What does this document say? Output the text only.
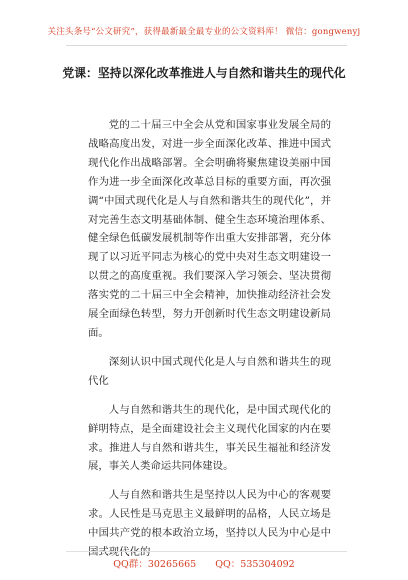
关注头条号“公文研究”，获得最新最全最专业的公文资料库！ 微信：gongwenyj
党课：坚持以深化改革推进人与自然和谐共生的现代化

党的二十届三中全会从党和国家事业发展全局的战略高度出发，对进一步全面深化改革、推进中国式现代化作出战略部署。全会明确将聚焦建设美丽中国作为进一步全面深化改革总目标的重要方面，再次强调“中国式现代化是人与自然和谐共生的现代化”，并对完善生态文明基础体制、健全生态环境治理体系、健全绿色低碳发展机制等作出重大安排部署，充分体现了以习近平同志为核心的党中央对生态文明建设一以贯之的高度重视。我们要深入学习领会、坚决贯彻落实党的二十届三中全会精神，加快推动经济社会发展全面绿色转型，努力开创新时代生态文明建设新局面。

深刻认识中国式现代化是人与自然和谐共生的现代化

人与自然和谐共生的现代化，是中国式现代化的鲜明特点，是全面建设社会主义现代化国家的内在要求。推进人与自然和谐共生，事关民生福祉和经济发展，事关人类命运共同体建设。

人与自然和谐共生是坚持以人民为中心的客观要求。人民性是马克思主义最鲜明的品格，人民立场是中国共产党的根本政治立场，坚持以人民为中心是中国式现代化的

QQ群：30265665 QQ：535304092
